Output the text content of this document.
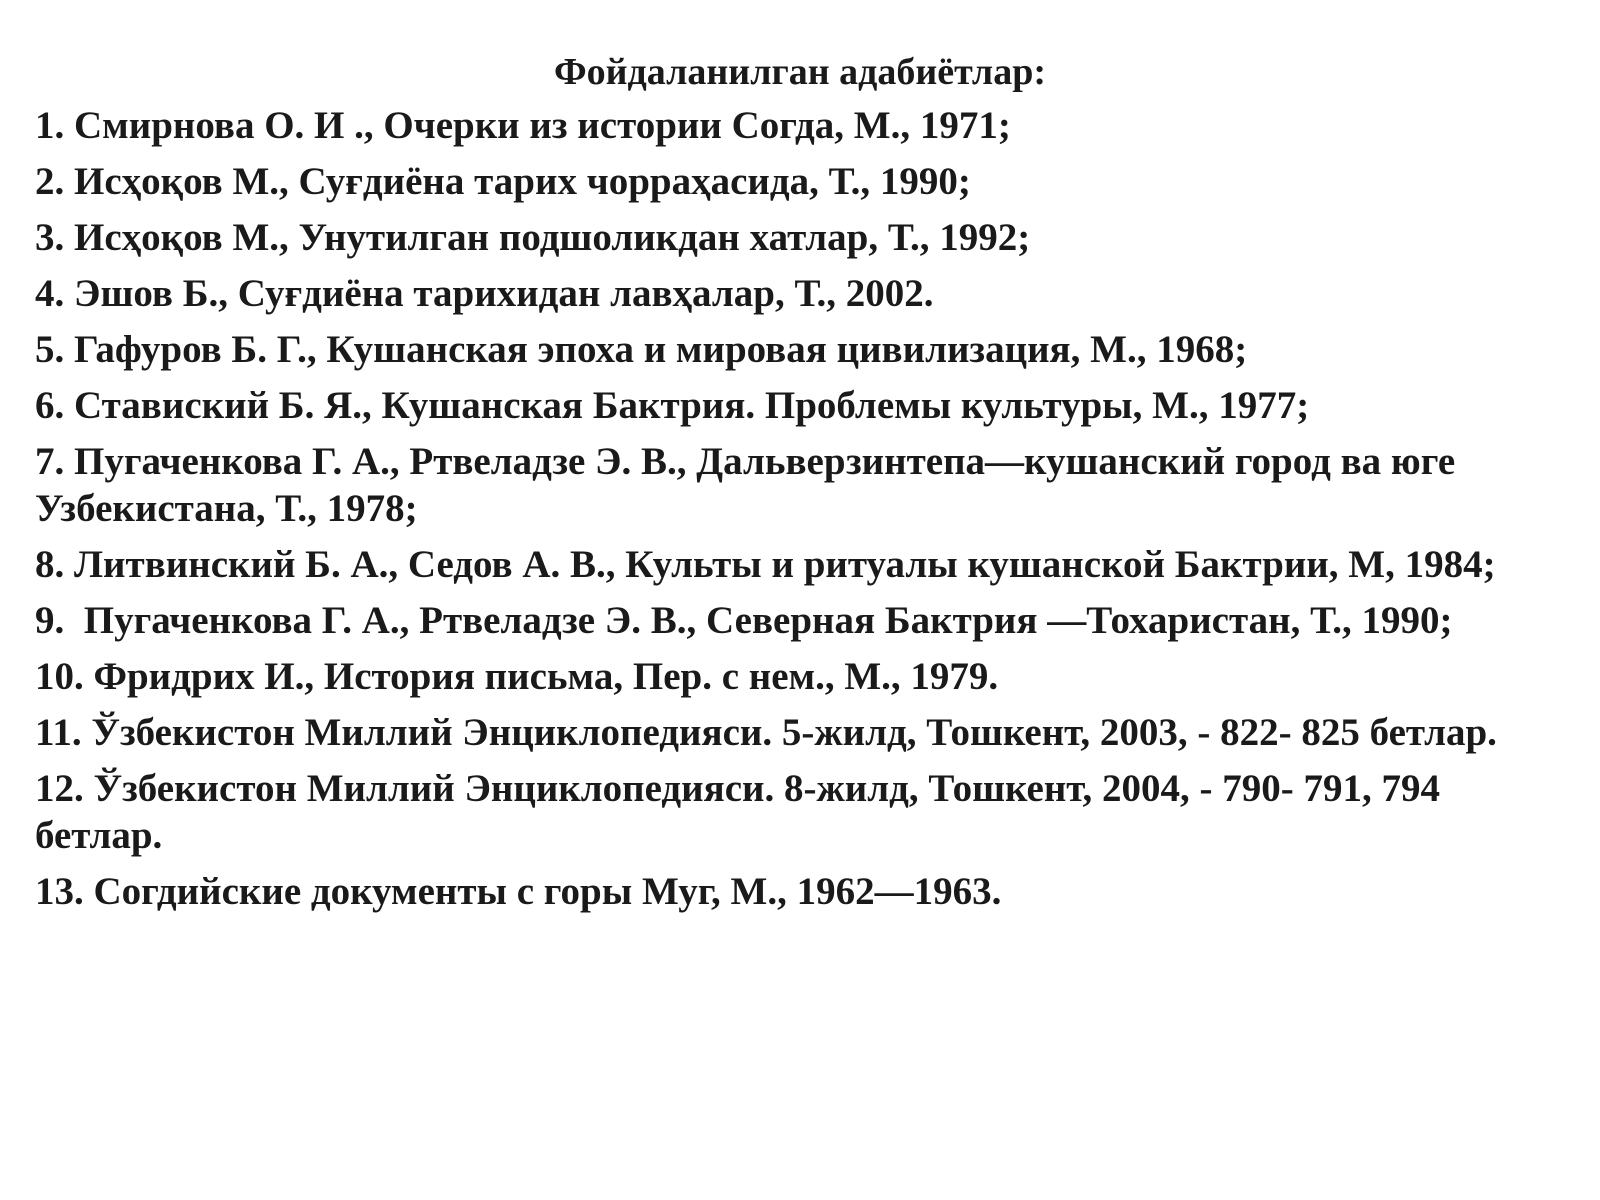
Фойдаланилган адабиётлар:
1. Смирнова О. И ., Очерки из истории Согда, М., 1971;
2. Исҳоқов М., Суғдиёна тарих чорраҳасида, Т., 1990;
3. Исҳоқов М., Унутилган подшоликдан хатлар, Т., 1992;
4. Эшов Б., Суғдиёна тарихидан лавҳалар, Т., 2002.
5. Гафуров Б. Г., Кушанская эпоха и мировая цивилизация, М., 1968;
6. Ставиский Б. Я., Кушанская Бактрия. Проблемы культуры, М., 1977;
7. Пугаченкова Г. А., Ртвеладзе Э. В., Дальверзинтепа—кушанский город ва юге Узбекистана, Т., 1978;
8. Литвинский Б. А., Седов А. В., Культы и ритуалы кушанской Бактрии, М, 1984;
9.  Пугаченкова Г. А., Ртвеладзе Э. В., Северная Бактрия —Тохаристан, Т., 1990;
10. Фридрих И., История письма, Пер. с нем., М., 1979.
11. Ўзбекистон Миллий Энциклопедияси. 5-жилд, Тошкент, 2003, - 822- 825 бетлар.
12. Ўзбекистон Миллий Энциклопедияси. 8-жилд, Тошкент, 2004, - 790- 791, 794 бетлар.
13. Согдийские документы с горы Муг, М., 1962—1963.
